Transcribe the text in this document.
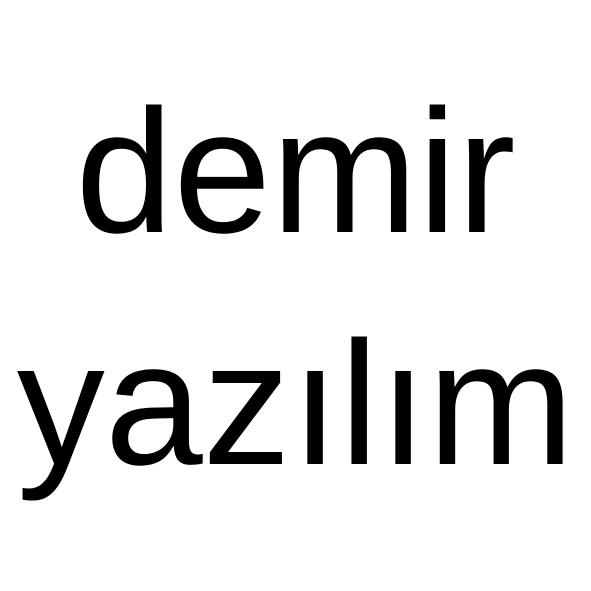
demir
yazılım
